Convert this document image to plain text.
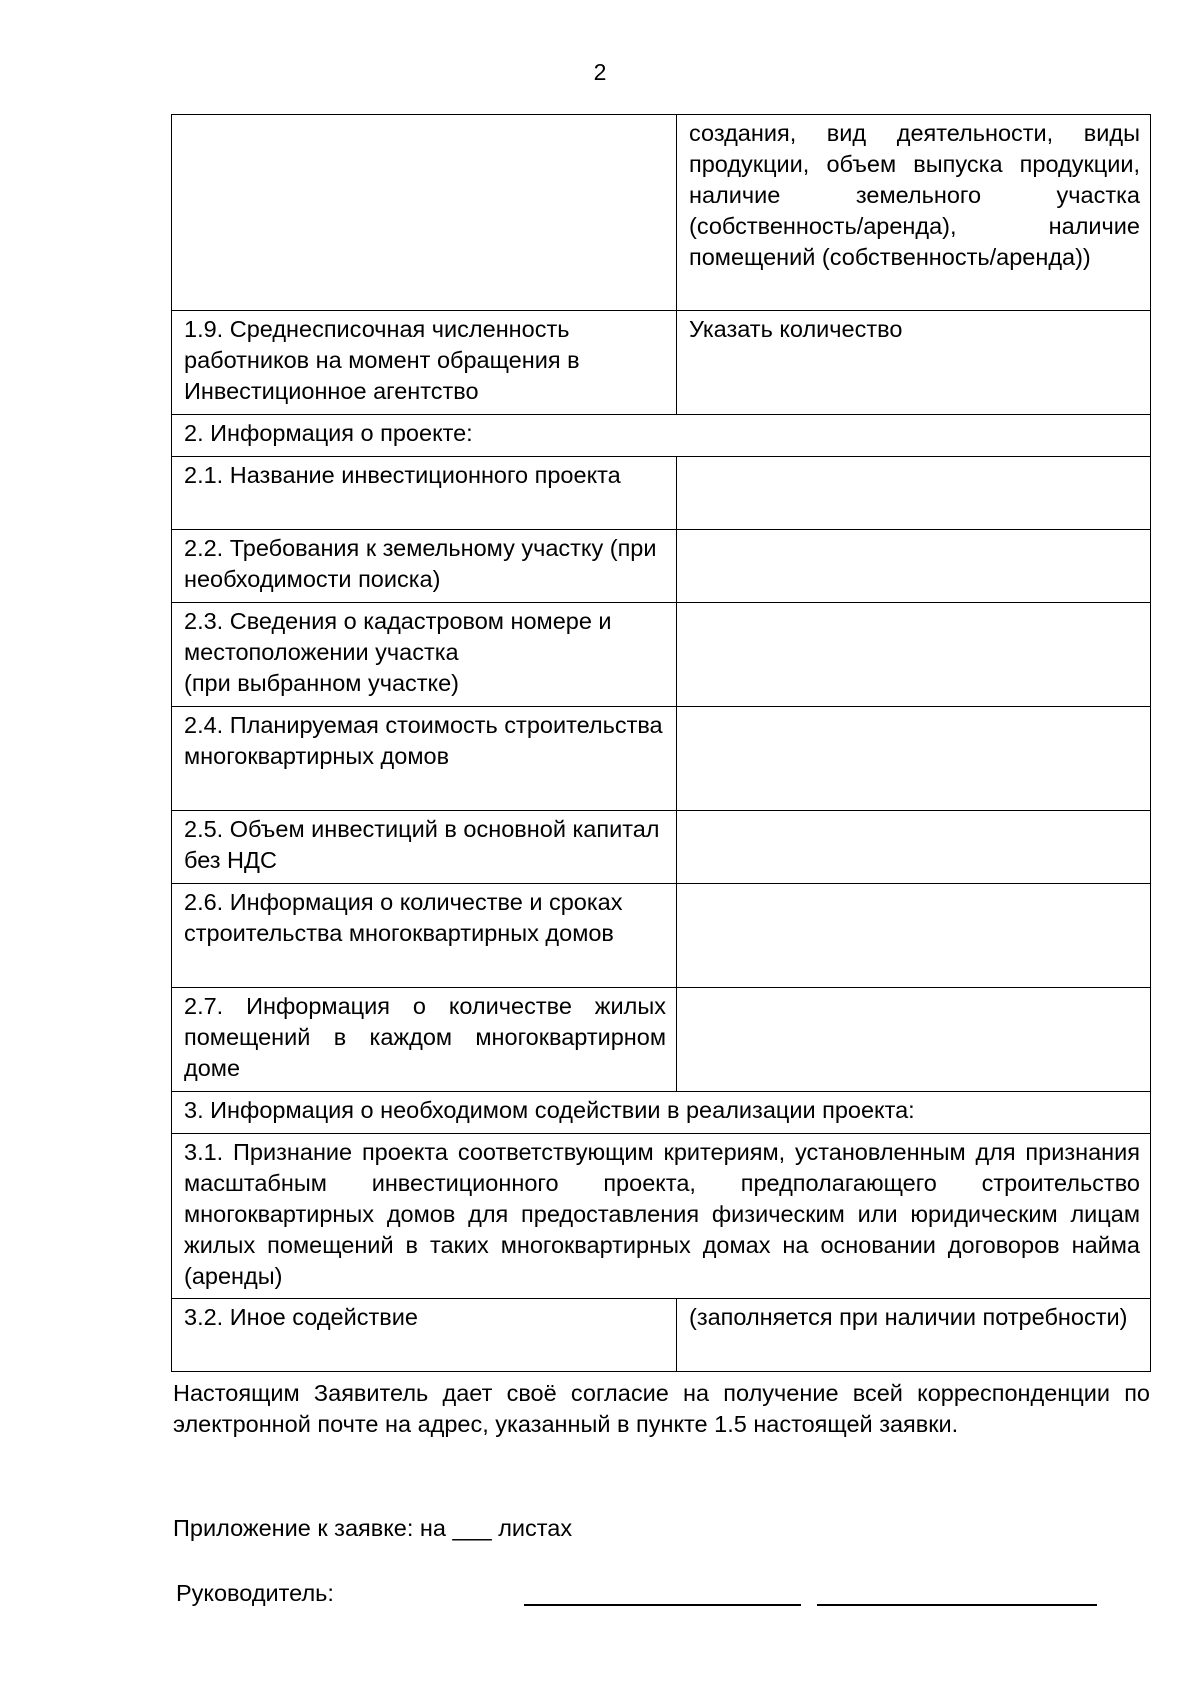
2
	создания, вид деятельности, виды продукции, объем выпуска продукции, наличие земельного участка (собственность/аренда), наличие помещений (собственность/аренда))
1.9. Среднесписочная численность работников на момент обращения в Инвестиционное агентство	Указать количество
2. Информация о проекте:	
2.1. Название инвестиционного проекта	
2.2. Требования к земельному участку (при необходимости поиска)	
2.3. Сведения о кадастровом номере и местоположении участка
(при выбранном участке)	
2.4. Планируемая стоимость строительства многоквартирных домов	
2.5. Объем инвестиций в основной капитал без НДС	
2.6. Информация о количестве и сроках строительства многоквартирных домов	
2.7. Информация о количестве жилых помещений в каждом многоквартирном доме	
3. Информация о необходимом содействии в реализации проекта:	
3.1. Признание проекта соответствующим критериям, установленным для признания масштабным инвестиционного проекта, предполагающего строительство многоквартирных домов для предоставления физическим или юридическим лицам жилых помещений в таких многоквартирных домах на основании договоров найма (аренды)	
3.2. Иное содействие	(заполняется при наличии потребности)
Настоящим Заявитель дает своё согласие на получение всей корреспонденции по электронной почте на адрес, указанный в пункте 1.5 настоящей заявки.
Приложение к заявке: на ___ листах
Руководитель:
